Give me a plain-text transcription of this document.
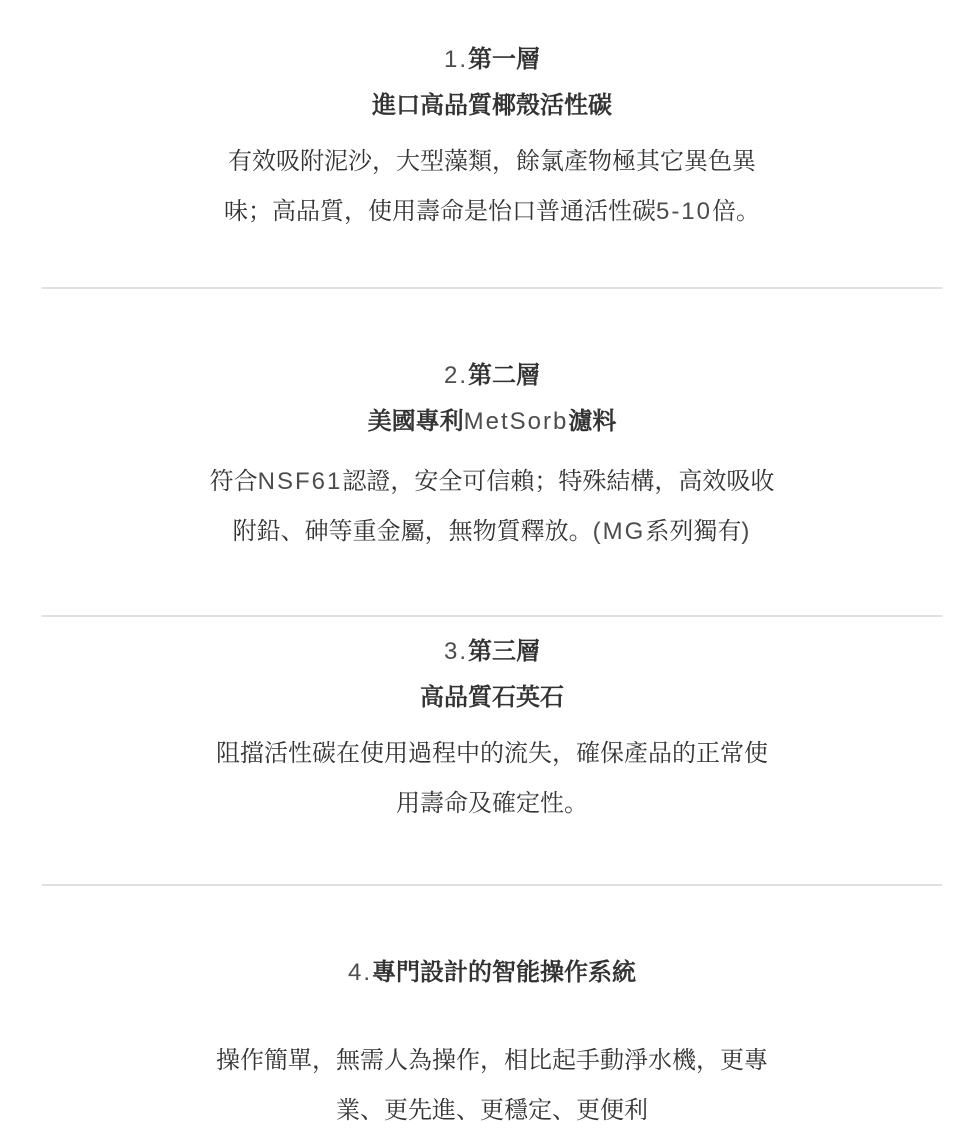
1.第一層
進口高品質椰殼活性碳
有效吸附泥沙，大型藻類，餘氯產物極其它異色異
味；高品質，使用壽命是怡口普通活性碳5-10倍。
2.第二層
美國專利MetSorb濾料
符合NSF61認證，安全可信賴；特殊結構，高效吸收
附鉛、砷等重金屬，無物質釋放。(MG系列獨有)
3.第三層
高品質石英石
阻擋活性碳在使用過程中的流失，確保產品的正常使
用壽命及確定性。
4.專門設計的智能操作系統
操作簡單，無需人為操作，相比起手動淨水機，更專
業、更先進、更穩定、更便利
